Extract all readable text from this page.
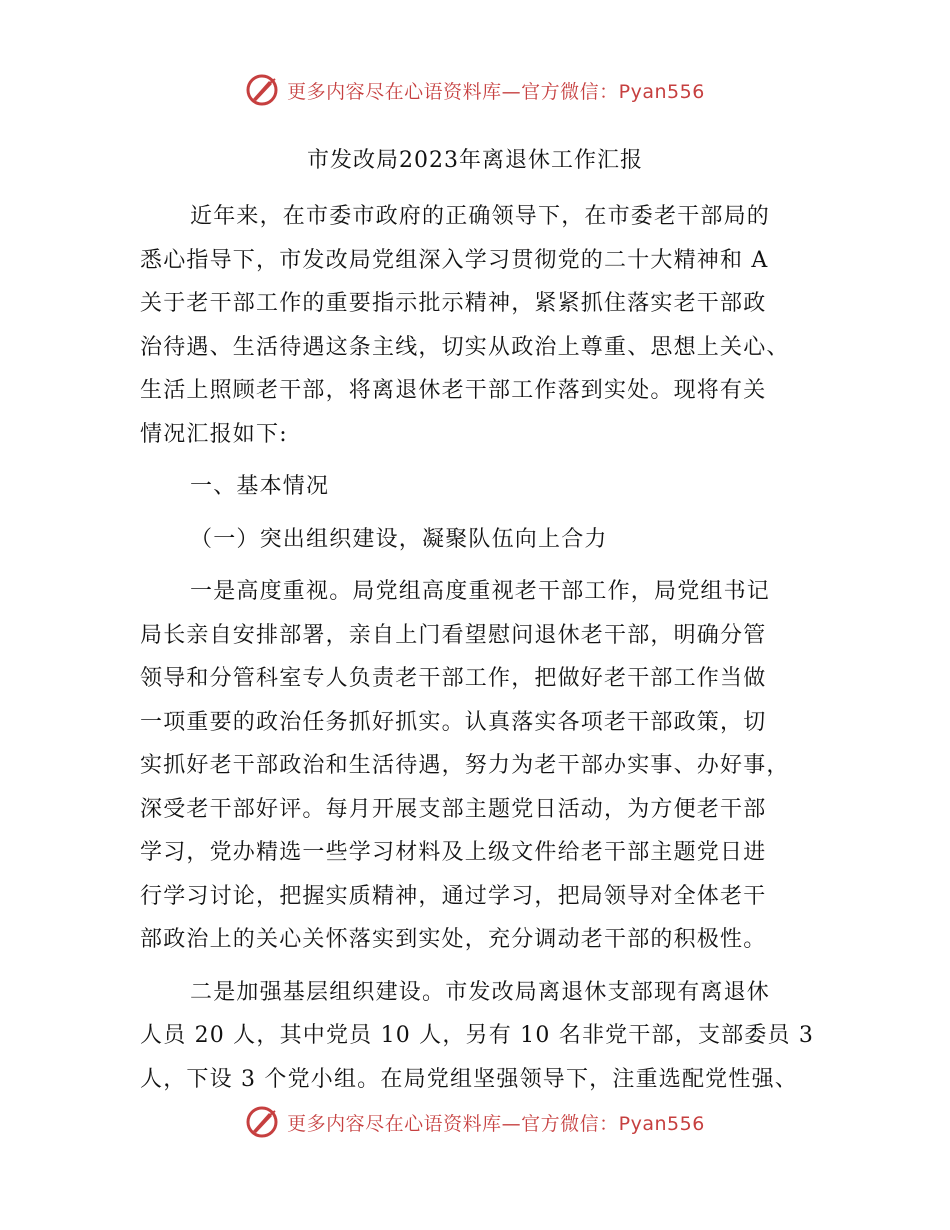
更多内容尽在心语资料库—官方微信：Pyan556
市发改局2023年离退休工作汇报
近年来，在市委市政府的正确领导下，在市委老干部局的
悉心指导下，市发改局党组深入学习贯彻党的二十大精神和 A
关于老干部工作的重要指示批示精神，紧紧抓住落实老干部政
治待遇、生活待遇这条主线，切实从政治上尊重、思想上关心、
生活上照顾老干部，将离退休老干部工作落到实处。现将有关
情况汇报如下:
一、基本情况
（一）突出组织建设，凝聚队伍向上合力
一是高度重视。局党组高度重视老干部工作，局党组书记
局长亲自安排部署，亲自上门看望慰问退休老干部，明确分管
领导和分管科室专人负责老干部工作，把做好老干部工作当做
一项重要的政治任务抓好抓实。认真落实各项老干部政策，切
实抓好老干部政治和生活待遇，努力为老干部办实事、办好事，
深受老干部好评。每月开展支部主题党日活动，为方便老干部
学习，党办精选一些学习材料及上级文件给老干部主题党日进
行学习讨论，把握实质精神，通过学习，把局领导对全体老干
部政治上的关心关怀落实到实处，充分调动老干部的积极性。
二是加强基层组织建设。市发改局离退休支部现有离退休
人员 20 人，其中党员 10 人，另有 10 名非党干部，支部委员 3
人，下设 3 个党小组。在局党组坚强领导下，注重选配党性强、
更多内容尽在心语资料库—官方微信：Pyan556
